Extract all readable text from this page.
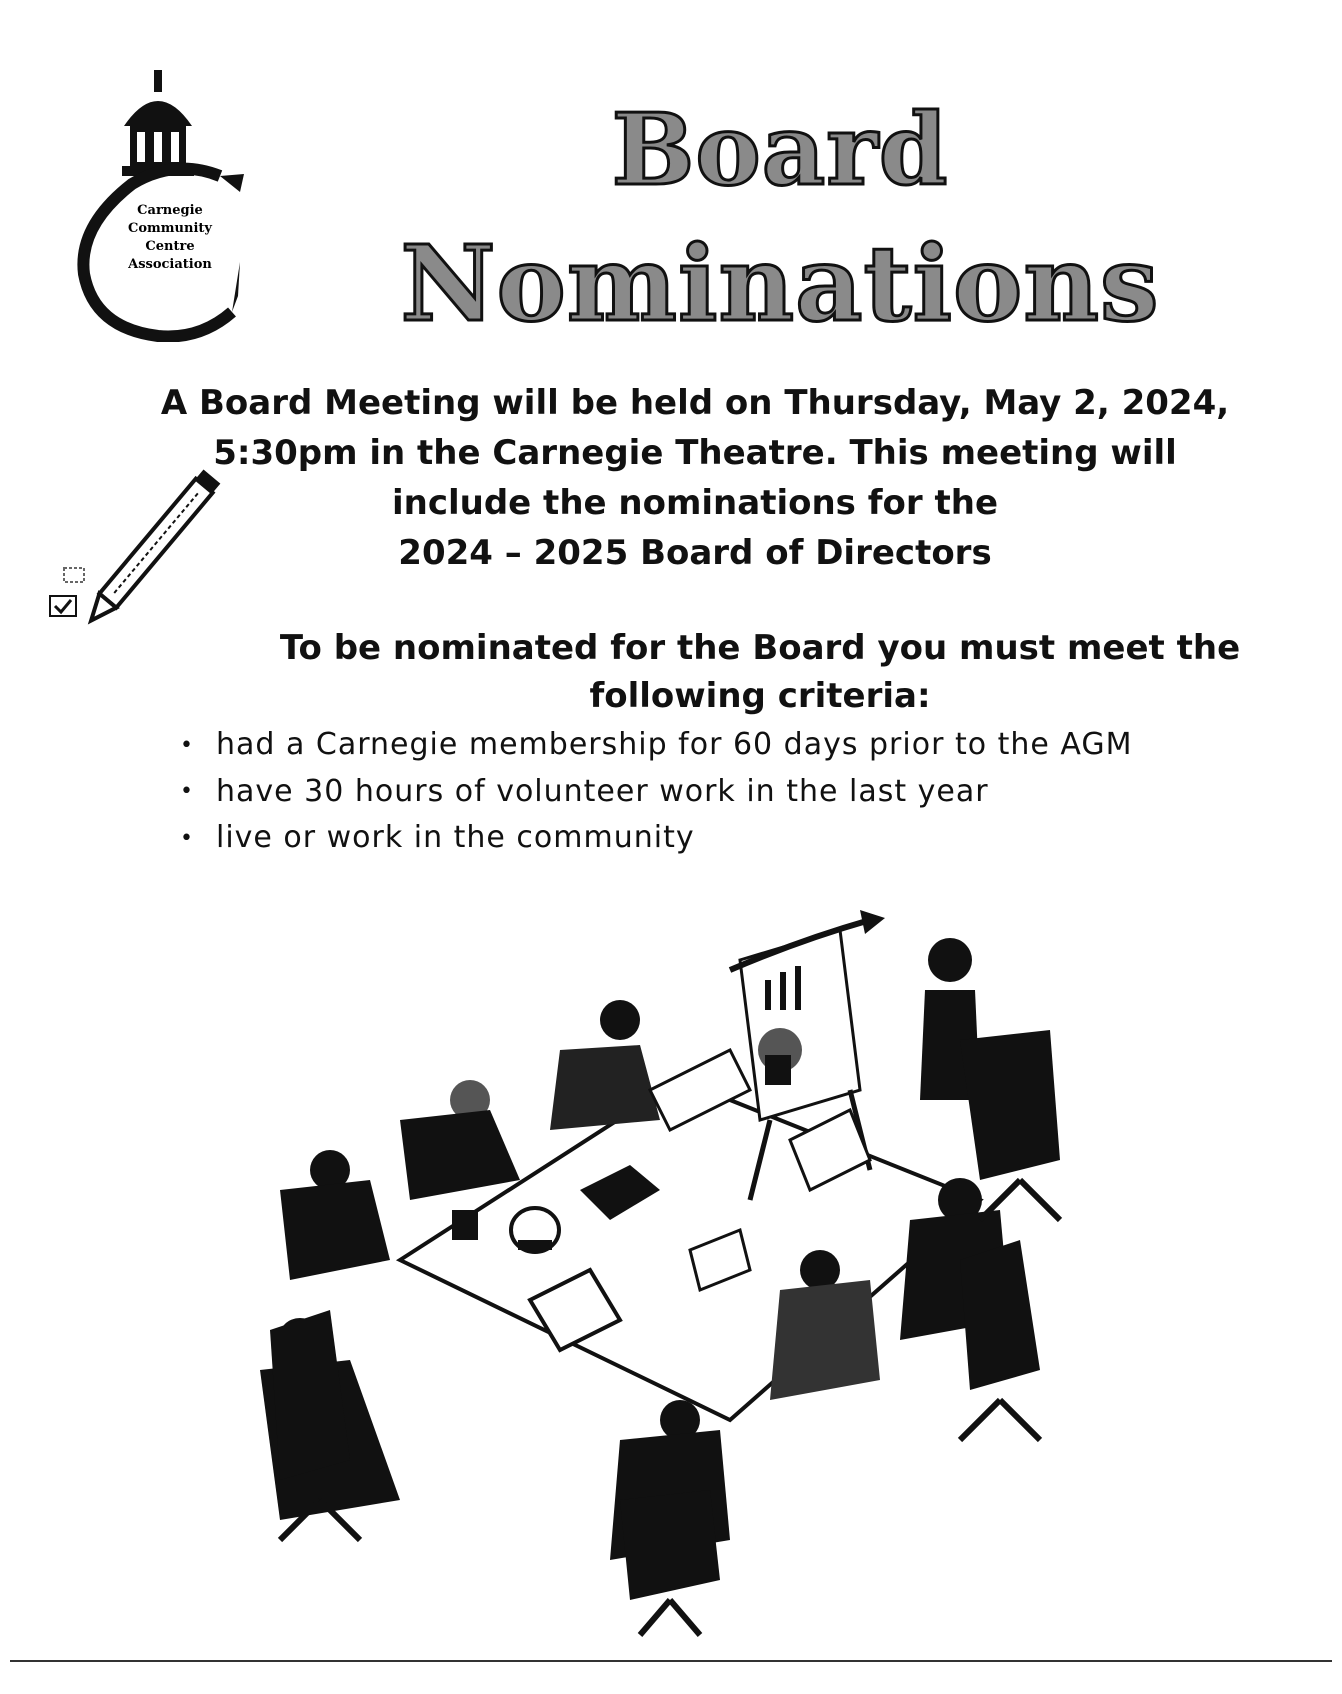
Carnegie
Community
Centre
Association
Board
Nominations
A Board Meeting will be held on Thursday, May 2, 2024,
5:30pm in the Carnegie Theatre. This meeting will
include the nominations for the
2024 – 2025 Board of Directors
To be nominated for the Board you must meet the
following criteria:
• had a Carnegie membership for 60 days prior to the AGM
• have 30 hours of volunteer work in the last year
• live or work in the community
